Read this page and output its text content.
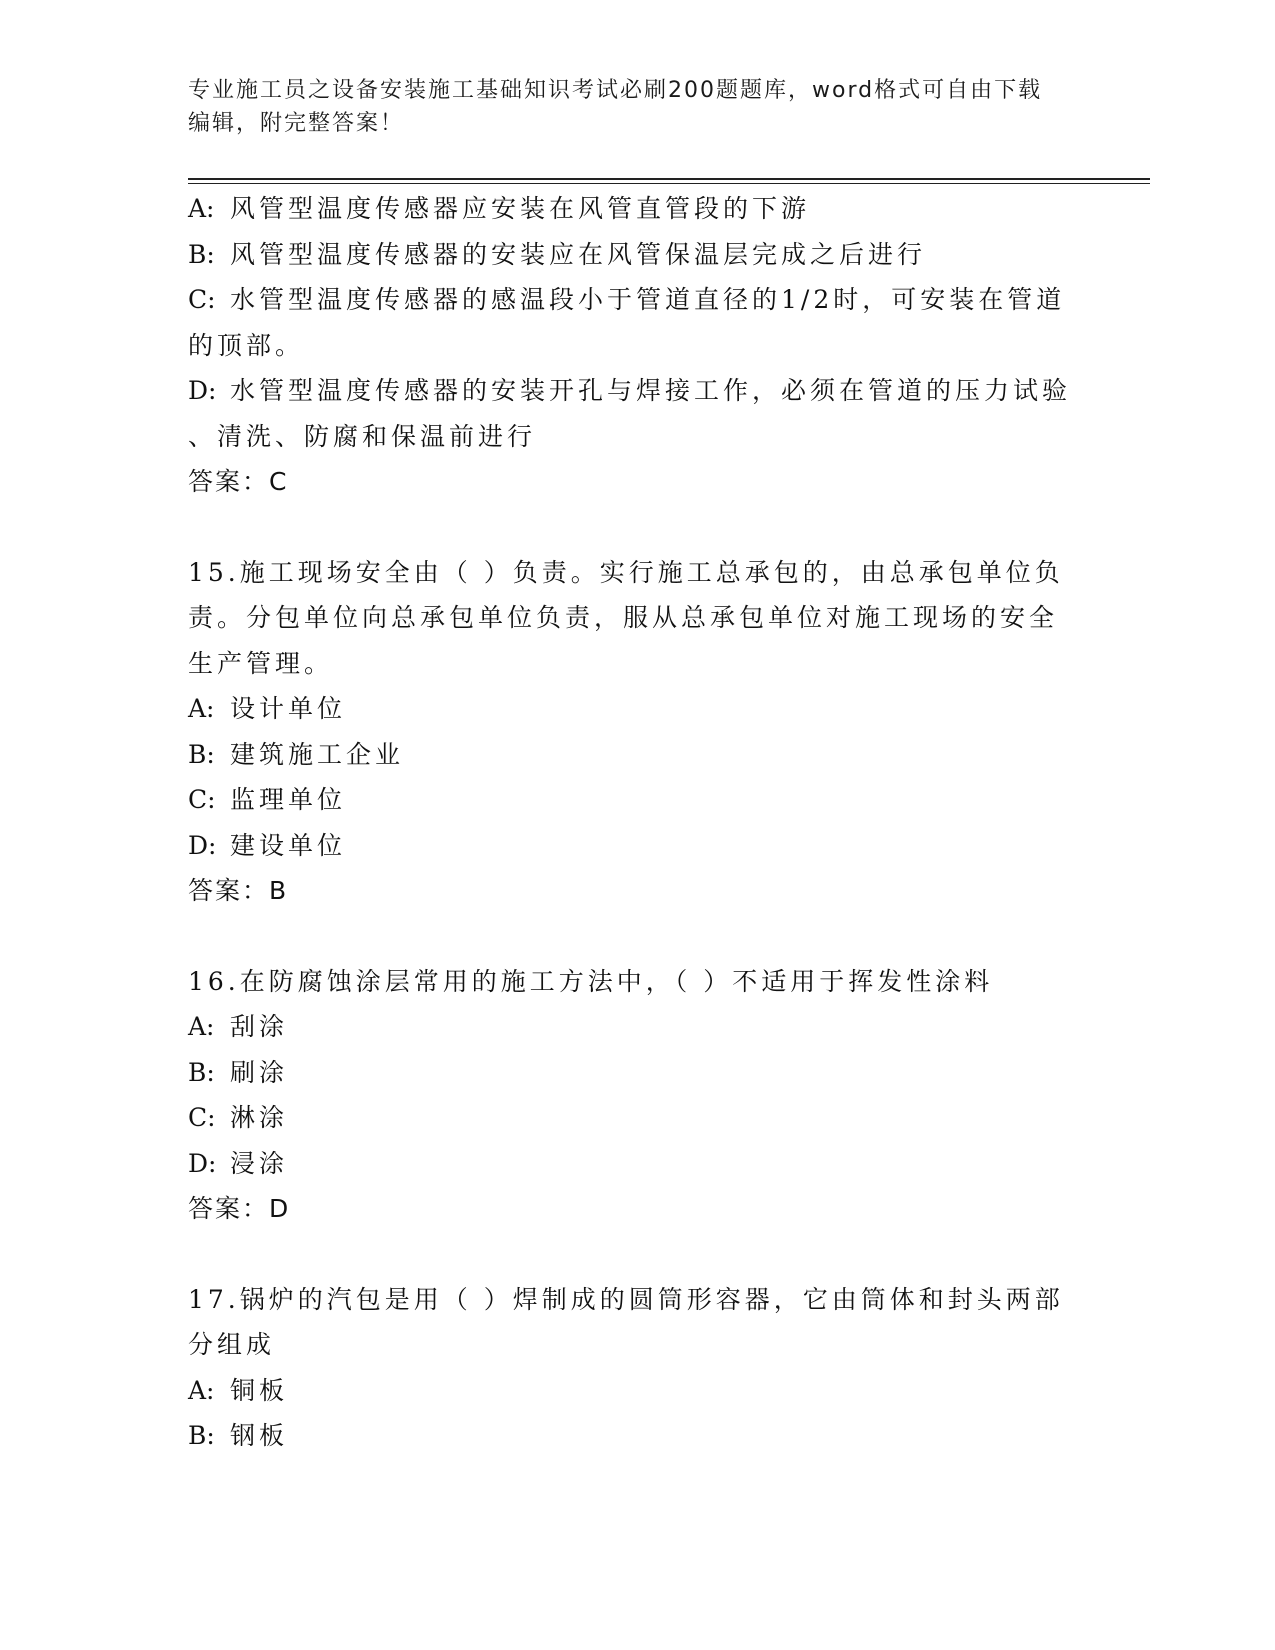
专业施工员之设备安装施工基础知识考试必刷200题题库，word格式可自由下载
编辑，附完整答案！
A: 风管型温度传感器应安装在风管直管段的下游
B: 风管型温度传感器的安装应在风管保温层完成之后进行
C: 水管型温度传感器的感温段小于管道直径的1/2时，可安装在管道
的顶部。
D: 水管型温度传感器的安装开孔与焊接工作，必须在管道的压力试验
、清洗、防腐和保温前进行
答案：C
15.施工现场安全由（ ）负责。实行施工总承包的，由总承包单位负
责。分包单位向总承包单位负责，服从总承包单位对施工现场的安全
生产管理。
A: 设计单位
B: 建筑施工企业
C: 监理单位
D: 建设单位
答案：B
16.在防腐蚀涂层常用的施工方法中，（ ）不适用于挥发性涂料
A: 刮涂
B: 刷涂
C: 淋涂
D: 浸涂
答案：D
17.锅炉的汽包是用（ ）焊制成的圆筒形容器，它由筒体和封头两部
分组成
A: 铜板
B: 钢板
